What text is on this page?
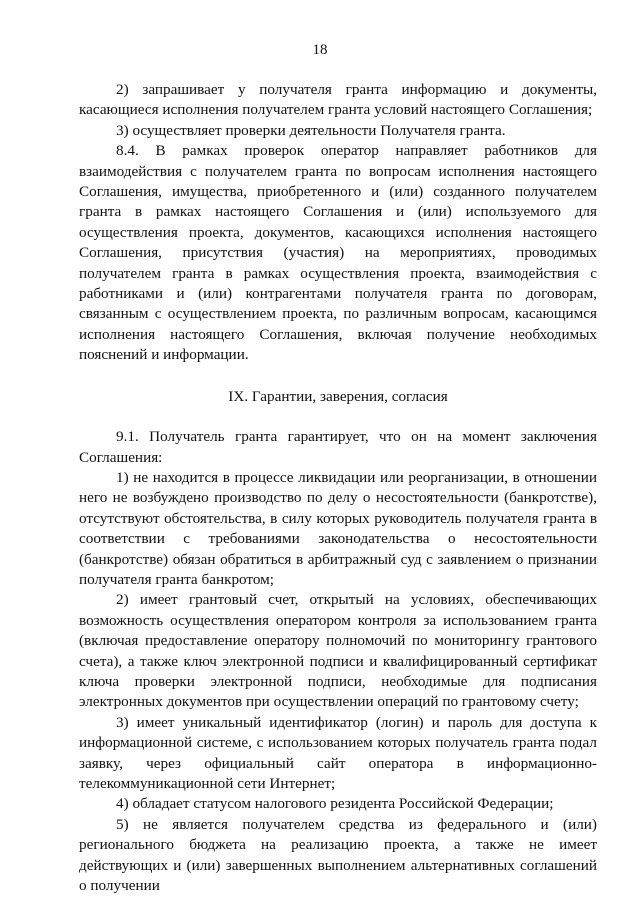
18

2) запрашивает у получателя гранта информацию и документы, касающиеся исполнения получателем гранта условий настоящего Соглашения;

3) осуществляет проверки деятельности Получателя гранта.

8.4. В рамках проверок оператор направляет работников для взаимодействия с получателем гранта по вопросам исполнения настоящего Соглашения, имущества, приобретенного и (или) созданного получателем гранта в рамках настоящего Соглашения и (или) используемого для осуществления проекта, документов, касающихся исполнения настоящего Соглашения, присутствия (участия) на мероприятиях, проводимых получателем гранта в рамках осуществления проекта, взаимодействия с работниками и (или) контрагентами получателя гранта по договорам, связанным с осуществлением проекта, по различным вопросам, касающимся исполнения настоящего Соглашения, включая получение необходимых пояснений и информации.

IX. Гарантии, заверения, согласия

9.1. Получатель гранта гарантирует, что он на момент заключения Соглашения:

1) не находится в процессе ликвидации или реорганизации, в отношении него не возбуждено производство по делу о несостоятельности (банкротстве), отсутствуют обстоятельства, в силу которых руководитель получателя гранта в соответствии с требованиями законодательства о несостоятельности (банкротстве) обязан обратиться в арбитражный суд с заявлением о признании получателя гранта банкротом;

2) имеет грантовый счет, открытый на условиях, обеспечивающих возможность осуществления оператором контроля за использованием гранта (включая предоставление оператору полномочий по мониторингу грантового счета), а также ключ электронной подписи и квалифицированный сертификат ключа проверки электронной подписи, необходимые для подписания электронных документов при осуществлении операций по грантовому счету;

3) имеет уникальный идентификатор (логин) и пароль для доступа к информационной системе, с использованием которых получатель гранта подал заявку, через официальный сайт оператора в информационно-телекоммуникационной сети Интернет;

4) обладает статусом налогового резидента Российской Федерации;

5) не является получателем средства из федерального и (или) регионального бюджета на реализацию проекта, а также не имеет действующих и (или) завершенных выполнением альтернативных соглашений о получении
